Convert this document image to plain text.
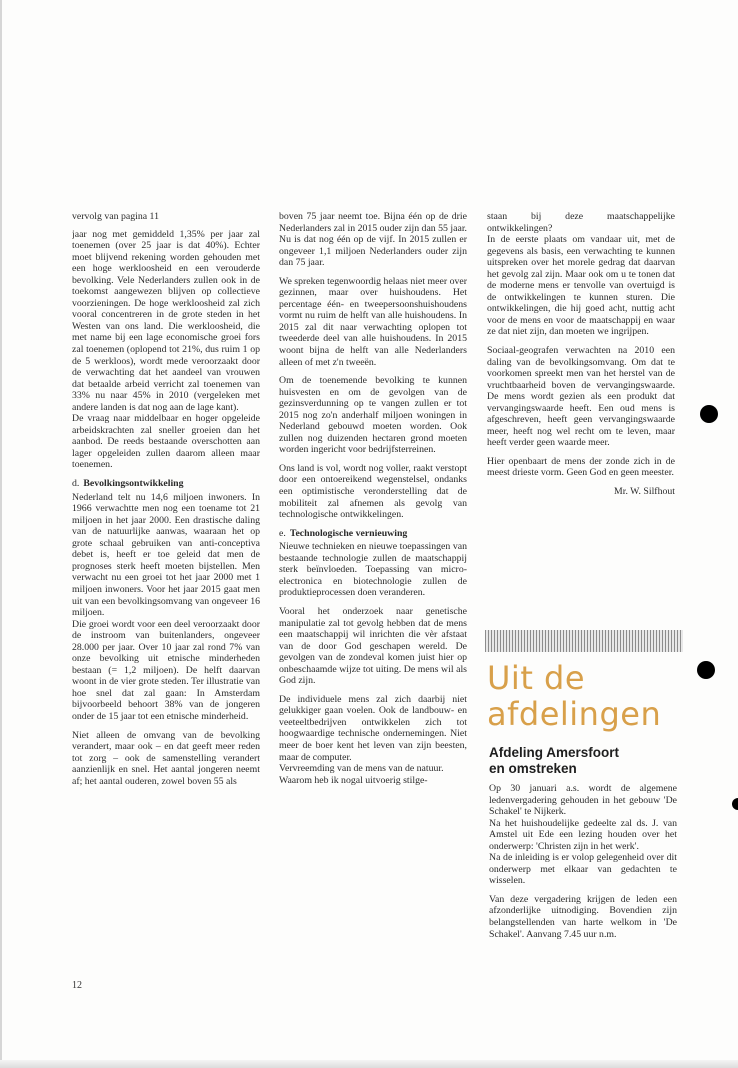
vervolg van pagina 11

jaar nog met gemiddeld 1,35% per jaar zal toenemen (over 25 jaar is dat 40%). Echter moet blijvend rekening worden gehouden met een hoge werkloosheid en een verouderde bevolking. Vele Nederlanders zullen ook in de toekomst aangewezen blijven op collectieve voorzieningen. De hoge werkloosheid zal zich vooral concentreren in de grote steden in het Westen van ons land. Die werkloosheid, die met name bij een lage economische groei fors zal toenemen (oplopend tot 21%, dus ruim 1 op de 5 werkloos), wordt mede veroorzaakt door de verwachting dat het aandeel van vrouwen dat betaalde arbeid verricht zal toenemen van 33% nu naar 45% in 2010 (vergeleken met andere landen is dat nog aan de lage kant).

De vraag naar middelbaar en hoger opgeleide arbeidskrachten zal sneller groeien dan het aanbod. De reeds bestaande overschotten aan lager opgeleiden zullen daarom alleen maar toenemen.

d. Bevolkingsontwikkeling

Nederland telt nu 14,6 miljoen inwoners. In 1966 verwachtte men nog een toename tot 21 miljoen in het jaar 2000. Een drastische daling van de natuurlijke aanwas, waaraan het op grote schaal gebruiken van anti-conceptiva debet is, heeft er toe geleid dat men de prognoses sterk heeft moeten bijstellen. Men verwacht nu een groei tot het jaar 2000 met 1 miljoen inwoners. Voor het jaar 2015 gaat men uit van een bevolkingsomvang van ongeveer 16 miljoen.

Die groei wordt voor een deel veroorzaakt door de instroom van buitenlanders, ongeveer 28.000 per jaar. Over 10 jaar zal rond 7% van onze bevolking uit etnische minderheden bestaan (= 1,2 miljoen). De helft daarvan woont in de vier grote steden. Ter illustratie van hoe snel dat zal gaan: In Amsterdam bijvoorbeeld behoort 38% van de jongeren onder de 15 jaar tot een etnische minderheid.

Niet alleen de omvang van de bevolking verandert, maar ook – en dat geeft meer reden tot zorg – ook de samenstelling verandert aanzienlijk en snel. Het aantal jongeren neemt af; het aantal ouderen, zowel boven 55 als

boven 75 jaar neemt toe. Bijna één op de drie Nederlanders zal in 2015 ouder zijn dan 55 jaar. Nu is dat nog één op de vijf. In 2015 zullen er ongeveer 1,1 miljoen Nederlanders ouder zijn dan 75 jaar.

We spreken tegenwoordig helaas niet meer over gezinnen, maar over huishoudens. Het percentage één- en tweepersoonshuishoudens vormt nu ruim de helft van alle huishoudens. In 2015 zal dit naar verwachting oplopen tot tweederde deel van alle huishoudens. In 2015 woont bijna de helft van alle Nederlanders alleen of met z'n tweeën.

Om de toenemende bevolking te kunnen huisvesten en om de gevolgen van de gezinsverdunning op te vangen zullen er tot 2015 nog zo'n anderhalf miljoen woningen in Nederland gebouwd moeten worden. Ook zullen nog duizenden hectaren grond moeten worden ingericht voor bedrijfsterreinen.

Ons land is vol, wordt nog voller, raakt verstopt door een ontoereikend wegenstelsel, ondanks een optimistische veronderstelling dat de mobiliteit zal afnemen als gevolg van technologische ontwikkelingen.

e. Technologische vernieuwing

Nieuwe technieken en nieuwe toepassingen van bestaande technologie zullen de maatschappij sterk beïnvloeden. Toepassing van micro-electronica en biotechnologie zullen de produktieprocessen doen veranderen.

Vooral het onderzoek naar genetische manipulatie zal tot gevolg hebben dat de mens een maatschappij wil inrichten die vèr afstaat van de door God geschapen wereld. De gevolgen van de zondeval komen juist hier op onbeschaamde wijze tot uiting. De mens wil als God zijn.

De individuele mens zal zich daarbij niet gelukkiger gaan voelen. Ook de landbouw- en veeteeltbedrijven ontwikkelen zich tot hoogwaardige technische ondernemingen. Niet meer de boer kent het leven van zijn beesten, maar de computer.

Vervreemding van de mens van de natuur.

Waarom heb ik nogal uitvoerig stilge-

staan bij deze maatschappelijke ontwikkelingen?

In de eerste plaats om vandaar uit, met de gegevens als basis, een verwachting te kunnen uitspreken over het morele gedrag dat daarvan het gevolg zal zijn. Maar ook om u te tonen dat de moderne mens er tenvolle van overtuigd is de ontwikkelingen te kunnen sturen. Die ontwikkelingen, die hij goed acht, nuttig acht voor de mens en voor de maatschappij en waar ze dat niet zijn, dan moeten we ingrijpen.

Sociaal-geografen verwachten na 2010 een daling van de bevolkingsomvang. Om dat te voorkomen spreekt men van het herstel van de vruchtbaarheid boven de vervangingswaarde. De mens wordt gezien als een produkt dat vervangingswaarde heeft. Een oud mens is afgeschreven, heeft geen vervangingswaarde meer, heeft nog wel recht om te leven, maar heeft verder geen waarde meer.

Hier openbaart de mens der zonde zich in de meest drieste vorm. Geen God en geen meester.

Mr. W. Silfhout

Uit de
afdelingen
Afdeling Amersfoort
en omstreken

Op 30 januari a.s. wordt de algemene ledenvergadering gehouden in het gebouw 'De Schakel' te Nijkerk.

Na het huishoudelijke gedeelte zal ds. J. van Amstel uit Ede een lezing houden over het onderwerp: 'Christen zijn in het werk'.

Na de inleiding is er volop gelegenheid over dit onderwerp met elkaar van gedachten te wisselen.

Van deze vergadering krijgen de leden een afzonderlijke uitnodiging. Bovendien zijn belangstellenden van harte welkom in 'De Schakel'. Aanvang 7.45 uur n.m.

12
